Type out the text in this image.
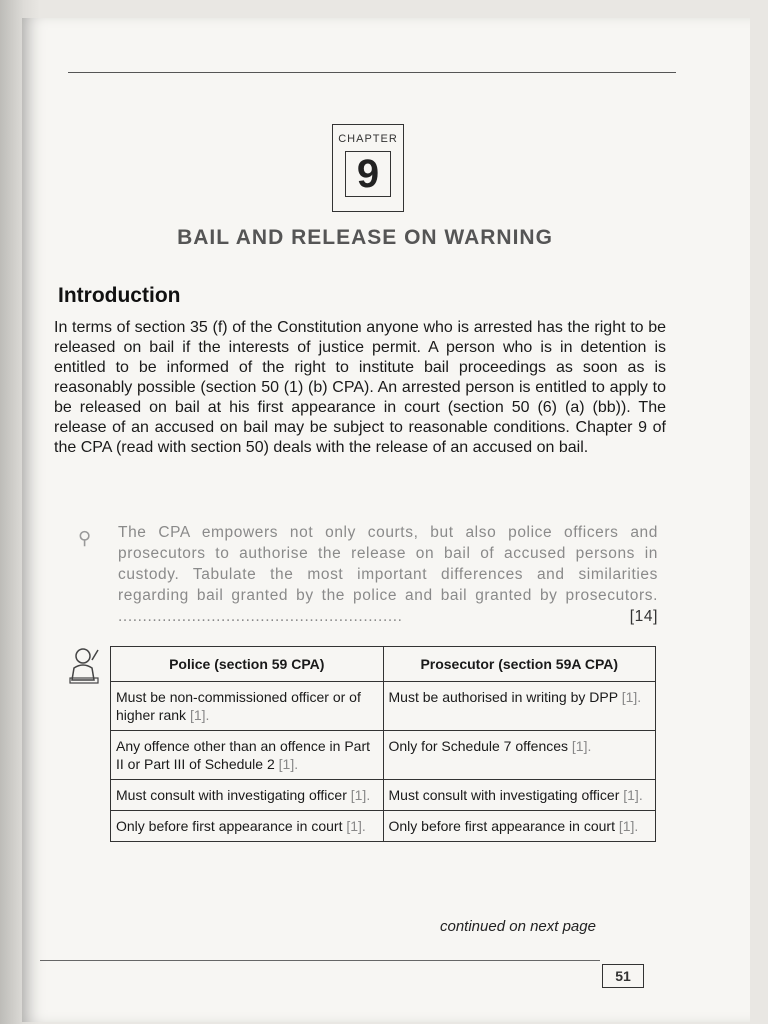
CHAPTER
9
BAIL AND RELEASE ON WARNING
Introduction
In terms of section 35 (f) of the Constitution anyone who is arrested has the right to be released on bail if the interests of justice permit. A person who is in detention is entitled to be informed of the right to institute bail proceedings as soon as is reasonably possible (section 50 (1) (b) CPA). An arrested person is entitled to apply to be released on bail at his first appearance in court (section 50 (6) (a) (bb)). The release of an accused on bail may be subject to reasonable conditions. Chapter 9 of the CPA (read with section 50) deals with the release of an accused on bail.
⚲ The CPA empowers not only courts, but also police officers and prosecutors to authorise the release on bail of accused persons in custody. Tabulate the most important differences and similarities regarding bail granted by the police and bail granted by prosecutors. ..........................................................	[14]
Police (section 59 CPA)	Prosecutor (section 59A CPA)
Must be non-commissioned officer or of higher rank [1].	Must be authorised in writing by DPP [1].
Any offence other than an offence in Part II or Part III of Schedule 2 [1].	Only for Schedule 7 offences [1].
Must consult with investigating officer [1].	Must consult with investigating officer [1].
Only before first appearance in court [1].	Only before first appearance in court [1].
continued on next page
51
